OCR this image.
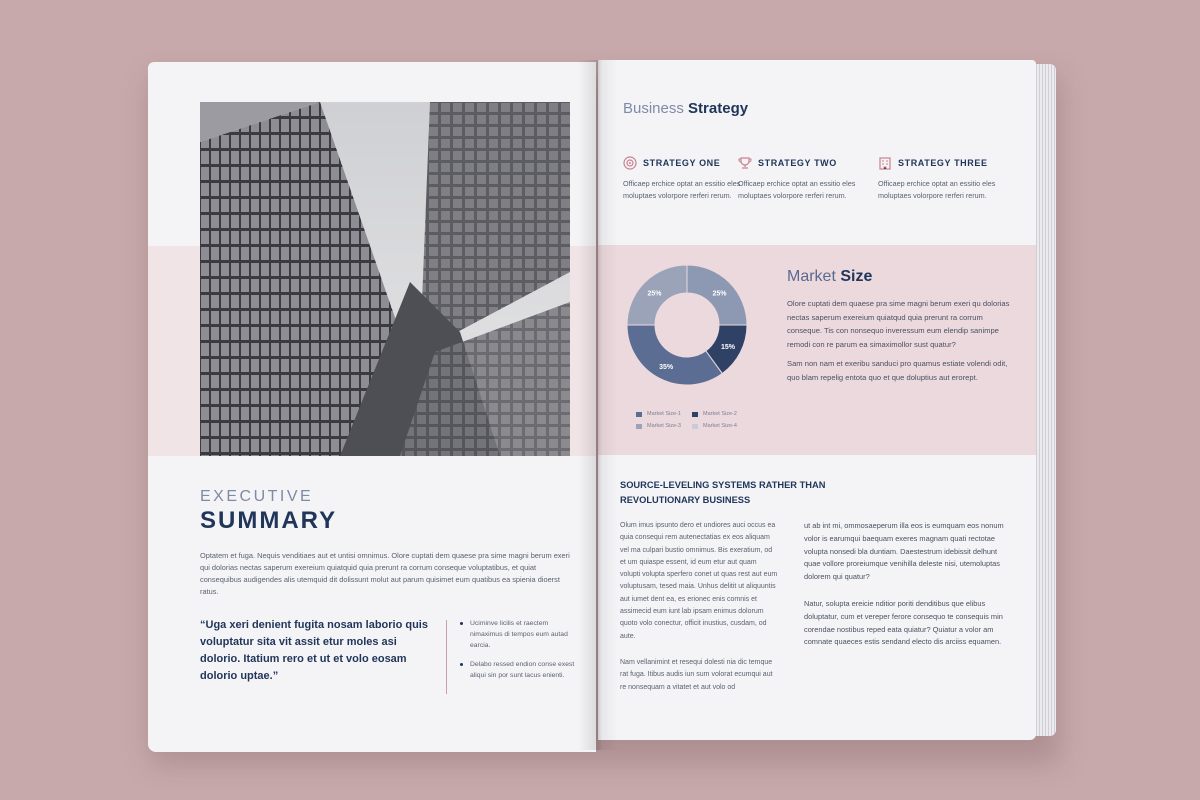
EXECUTIVE
SUMMARY
Optatem et fuga. Nequis venditiaes aut et untisi omnimus. Olore cuptati dem quaese pra sime magni berum exeri qui dolorias nectas saperum exereium quiatquid quia prerunt ra corrum conseque voluptatibus, et quiat consequibus audigendes alis utemquid dit dolissunt molut aut parum quisimet eum quatibus ea spienia dioerst ratus.
“Uga xeri denient fugita nosam laborio quis voluptatur sita vit assit etur moles asi dolorio. Itatium rero et ut et volo eosam dolorio uptae.”
Uciminve licilis et raectem nimaximus di tempos eum autad earcia.
Delabo ressed endion conse exest aliqui sin por sunt lacus enienti.
Business Strategy
STRATEGY ONE
Officaep erchice optat an essitio eles moluptaes volorpore rerferi rerum.
STRATEGY TWO
Officaep erchice optat an essitio eles moluptaes volorpore rerferi rerum.
STRATEGY THREE
Officaep erchice optat an essitio eles moluptaes volorpore rerferi rerum.
25%
15%
35%
25%
Market Size-1	Market Size-2
Market Size-3	Market Size-4
Market Size

Olore cuptati dem quaese pra sime magni berum exeri qu dolorias nectas saperum exereium quiatqud quia prerunt ra corrum conseque. Tis con nonsequo inveressum eum elendip sanimpe remodi con re parum ea simaximollor sust quatur?

Sam non nam et exeribu sanduci pro quamus estiate volendi odit, quo blam repelig entota quo et que doluptius aut erorept.

SOURCE-LEVELING SYSTEMS RATHER THAN REVOLUTIONARY BUSINESS

Olum imus ipsunto dero et undiores auci occus ea quia consequi rem autenectatias ex eos aliquam vel ma culpari bustio omnimus. Bis exeratium, od et um quiaspe essent, id eum etur aut quam volupti volupta sperfero conet ut quas rest aut eum voluptusam, tesed maia. Unhus delitit ut aliquuntis aut iumet dent ea, es erionec enis comnis et assimecid eum iunt lab ipsam enimus dolorum quoto volo conectur, officit inustius, cusdam, od aute.

Nam vellanimint et resequi dolesti nia dic temque rat fuga. Itibus audis iun sum volorat ecumqui aut re nonsequam a vitatet et aut volo od

ut ab int mi, ommosaeperum illa eos is eumquam eos nonum volor is earumqui baequam exeres magnam quati rectotae volupta nonsedi bla duntiam. Daestestrum idebissit delhunt quae vollore proreiumque venihilla deleste nisi, utemoluptas dolorem qui quatur?

Natur, solupta ereicie nditior poriti denditibus que elibus doluptatur, cum et vereper ferore consequo te consequis min corendae nostibus reped eata quiatur? Quiatur a volor am comnate quaeces estis sendand electo dis arciiss equamen.
